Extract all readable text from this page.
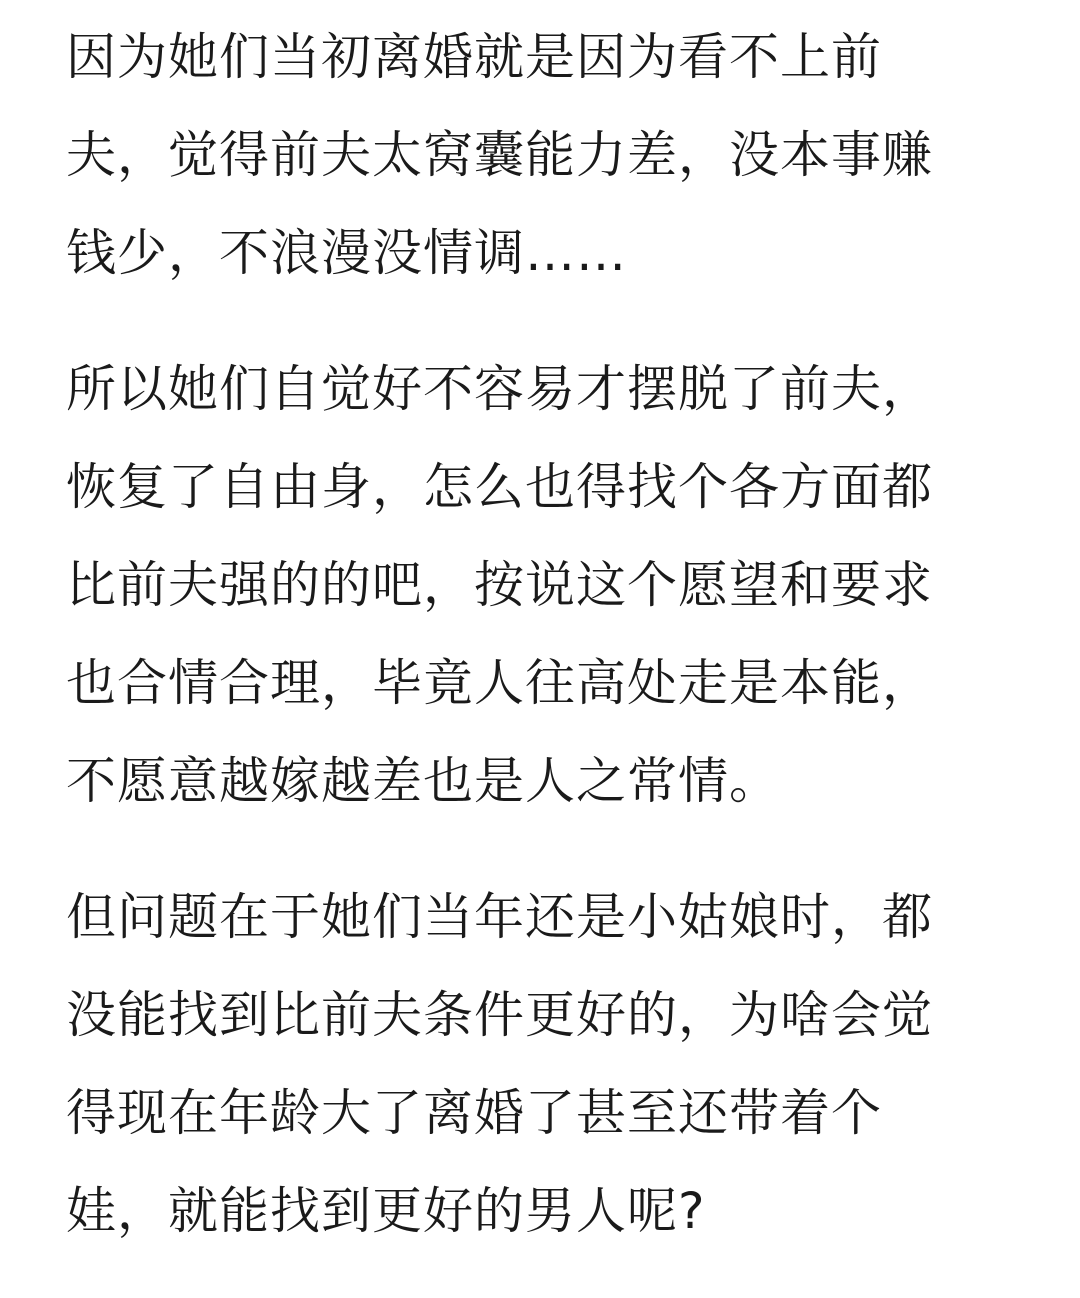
因为她们当初离婚就是因为看不上前
夫，觉得前夫太窝囊能力差，没本事赚
钱少，不浪漫没情调……
所以她们自觉好不容易才摆脱了前夫，
恢复了自由身，怎么也得找个各方面都
比前夫强的的吧，按说这个愿望和要求
也合情合理，毕竟人往高处走是本能，
不愿意越嫁越差也是人之常情。
但问题在于她们当年还是小姑娘时，都
没能找到比前夫条件更好的，为啥会觉
得现在年龄大了离婚了甚至还带着个
娃，就能找到更好的男人呢?
